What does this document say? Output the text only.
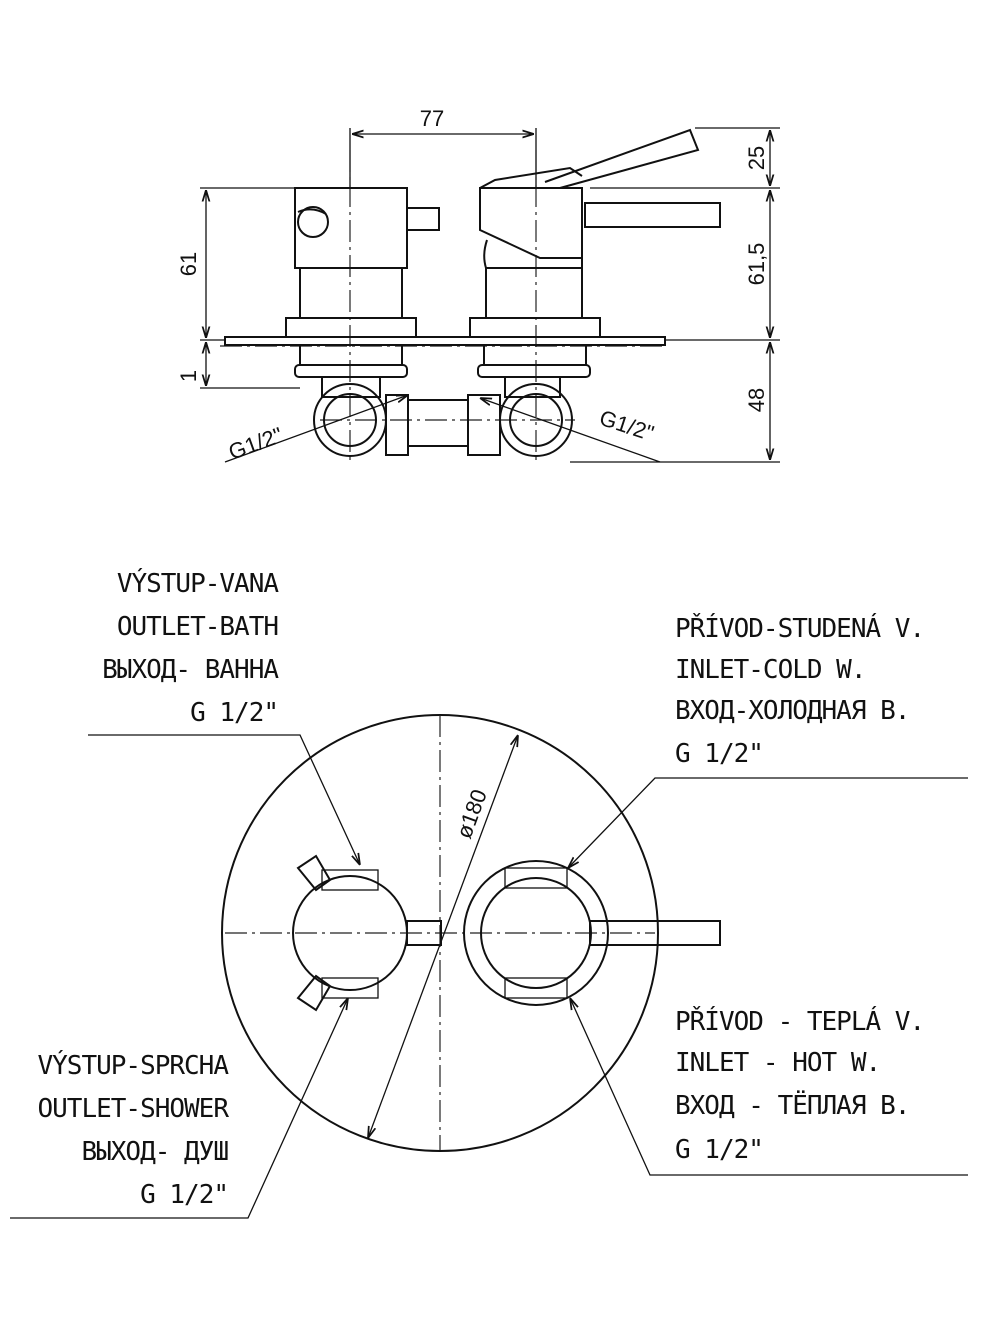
77
61
1
25
61,5
48
G1/2"	G1/2"
ø180
VÝSTUP-VANA
OUTLET-BATH
ВЫХОД- ВАННА
G 1/2"
PŘÍVOD-STUDENÁ V.
INLET-COLD W.
ВХОД-ХОЛОДНАЯ В.
G 1/2"
VÝSTUP-SPRCHA
OUTLET-SHOWER
ВЫХОД- ДУШ
G 1/2"
PŘÍVOD - TEPLÁ V.
INLET - HOT W.
ВХОД - ТЁПЛАЯ В.
G 1/2"
